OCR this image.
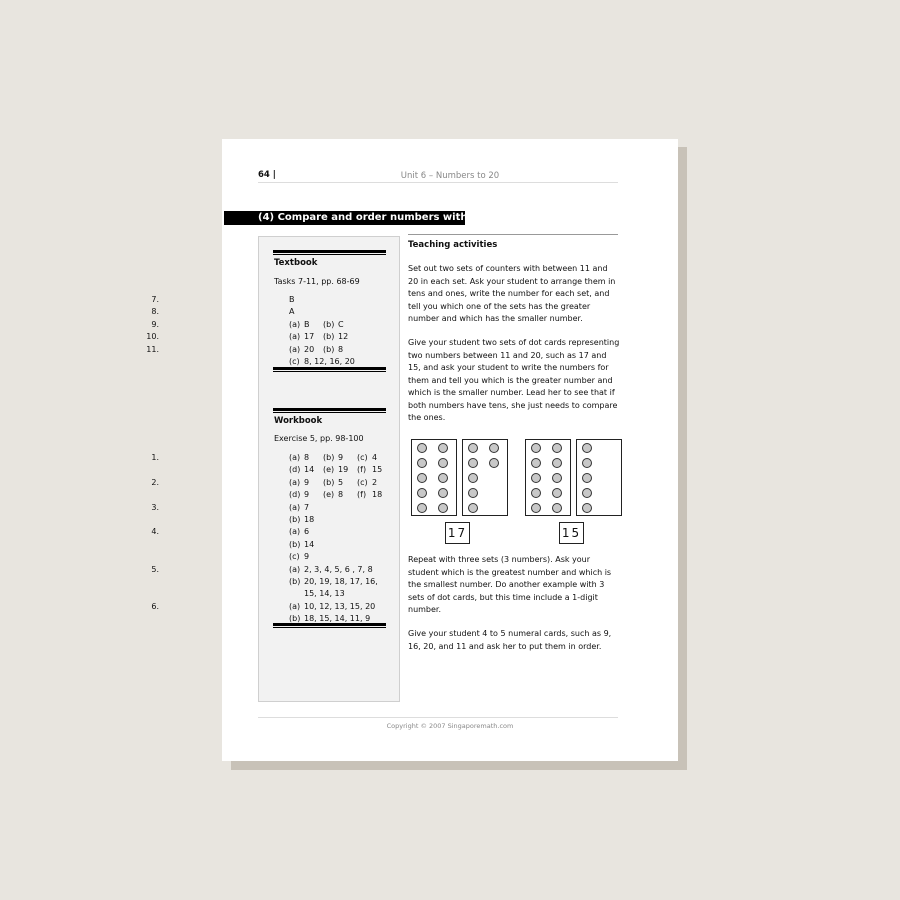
64 |	Unit 6 – Numbers to 20
(4) Compare and order numbers within 20
Textbook
Tasks 7-11, pp. 68-69
7.	B
8.	A
9.	(a) B (b) C
10.	(a) 17 (b) 12
11.	(a) 20 (b) 8
(c) 8, 12, 16, 20
Workbook
Exercise 5, pp. 98-100
1.	(a) 8 (b) 9 (c) 4
(d) 14 (e) 19 (f) 15
2.	(a) 9 (b) 5 (c) 2
(d) 9 (e) 8 (f) 18
3.	(a) 7
(b) 18
4.	(a) 6
(b) 14
(c) 9
5.	(a) 2, 3, 4, 5, 6 , 7, 8
(b) 20, 19, 18, 17, 16,
15, 14, 13
6.	(a) 10, 12, 13, 15, 20
(b) 18, 15, 14, 11, 9
Teaching activities
Set out two sets of counters with between 11 and 20 in each set. Ask your student to arrange them in tens and ones, write the number for each set, and tell you which one of the sets has the greater number and which has the smaller number.
Give your student two sets of dot cards representing two numbers between 11 and 20, such as 17 and 15, and ask your student to write the numbers for them and tell you which is the greater number and which is the smaller number. Lead her to see that if both numbers have tens, she just needs to compare the ones.
17	15
Repeat with three sets (3 numbers). Ask your student which is the greatest number and which is the smallest number. Do another example with 3 sets of dot cards, but this time include a 1-digit number.
Give your student 4 to 5 numeral cards, such as 9, 16, 20, and 11 and ask her to put them in order.
Copyright © 2007 Singaporemath.com
